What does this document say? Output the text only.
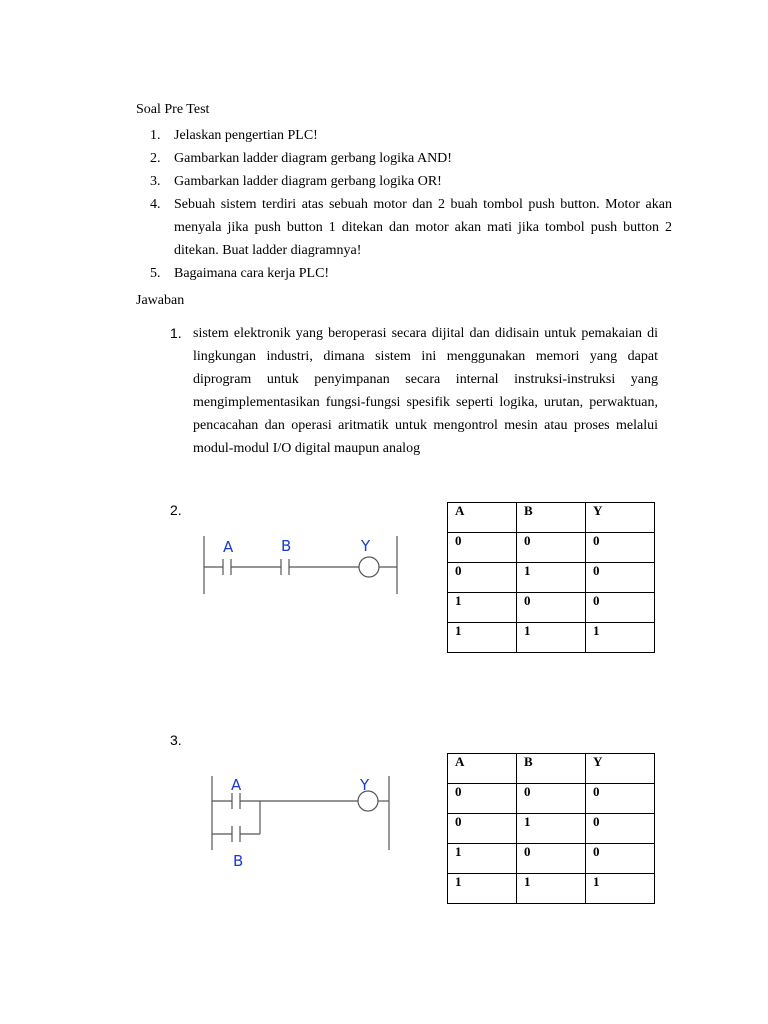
Soal Pre Test
1. Jelaskan pengertian PLC!
2. Gambarkan ladder diagram gerbang logika AND!
3. Gambarkan ladder diagram gerbang logika OR!
4. Sebuah sistem terdiri atas sebuah motor dan 2 buah tombol push button. Motor akan
menyala jika push button 1 ditekan dan motor akan mati jika tombol push button 2
ditekan. Buat ladder diagramnya!
5. Bagaimana cara kerja PLC!
Jawaban
1. sistem elektronik yang beroperasi secara dijital dan didisain untuk pemakaian di
lingkungan industri, dimana sistem ini menggunakan memori yang dapat
diprogram untuk penyimpanan secara internal instruksi-instruksi yang
mengimplementasikan fungsi-fungsi spesifik seperti logika, urutan, perwaktuan,
pencacahan dan operasi aritmatik untuk mengontrol mesin atau proses melalui
modul-modul I/O digital maupun analog
2.
A	B	Y
A	B	Y
0	0	0
0	1	0
1	0	0
1	1	1
3.
A
B
Y
A	B	Y
0	0	0
0	1	0
1	0	0
1	1	1
